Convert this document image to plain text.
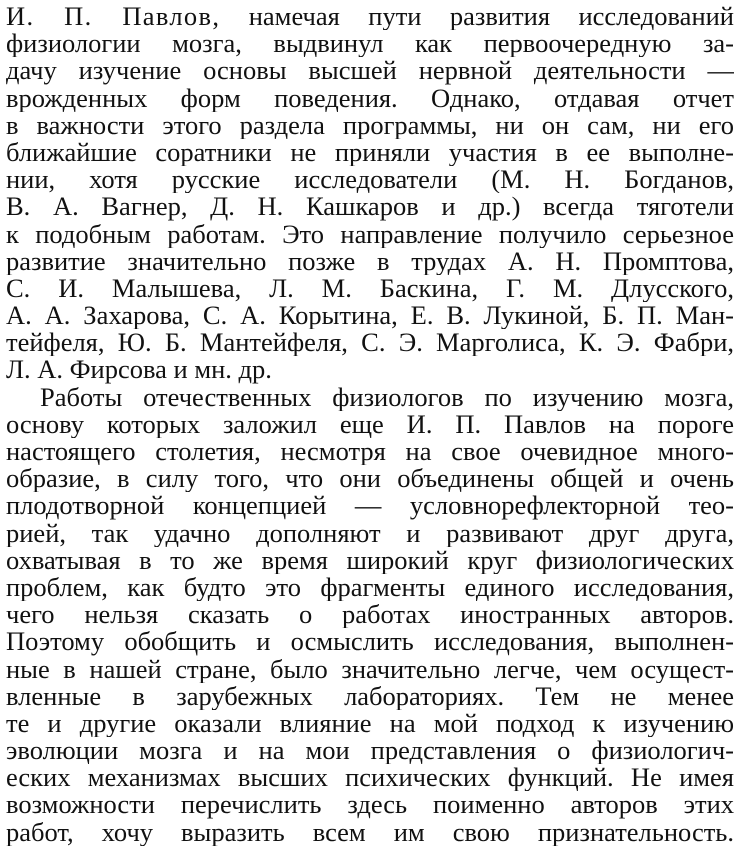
И. П. Павлов, намечая пути развития исследований
физиологии мозга, выдвинул как первоочередную за-
дачу изучение основы высшей нервной деятельности —
врожденных форм поведения. Однако, отдавая отчет
в важности этого раздела программы, ни он сам, ни его
ближайшие соратники не приняли участия в ее выполне-
нии, хотя русские исследователи (М. Н. Богданов,
В. А. Вагнер, Д. Н. Кашкаров и др.) всегда тяготели
к подобным работам. Это направление получило серьезное
развитие значительно позже в трудах А. Н. Промптова,
С. И. Малышева, Л. М. Баскина, Г. М. Длусского,
А. А. Захарова, С. А. Корытина, Е. В. Лукиной, Б. П. Ман-
тейфеля, Ю. Б. Мантейфеля, С. Э. Марголиса, К. Э. Фабри,
Л. А. Фирсова и мн. др.
Работы отечественных физиологов по изучению мозга,
основу которых заложил еще И. П. Павлов на пороге
настоящего столетия, несмотря на свое очевидное много-
образие, в силу того, что они объединены общей и очень
плодотворной концепцией — условнорефлекторной тео-
рией, так удачно дополняют и развивают друг друга,
охватывая в то же время широкий круг физиологических
проблем, как будто это фрагменты единого исследования,
чего нельзя сказать о работах иностранных авторов.
Поэтому обобщить и осмыслить исследования, выполнен-
ные в нашей стране, было значительно легче, чем осущест-
вленные в зарубежных лабораториях. Тем не менее
те и другие оказали влияние на мой подход к изучению
эволюции мозга и на мои представления о физиологич-
еских механизмах высших психических функций. Не имея
возможности перечислить здесь поименно авторов этих
работ, хочу выразить всем им свою признательность.
